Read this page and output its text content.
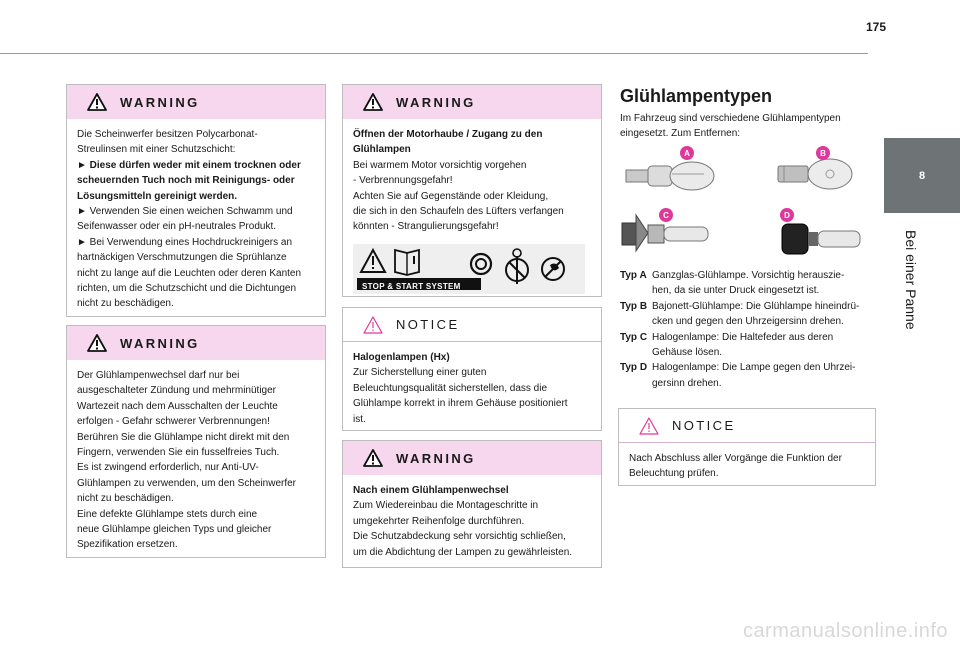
175
8
Bei einer Panne
WARNING
Die Scheinwerfer besitzen Polycarbonat-
Streulinsen mit einer Schutzschicht:
► Diese dürfen weder mit einem trocknen oder
scheuernden Tuch noch mit Reinigungs- oder
Lösungsmitteln gereinigt werden.
► Verwenden Sie einen weichen Schwamm und
Seifenwasser oder ein pH-neutrales Produkt.
► Bei Verwendung eines Hochdruckreinigers an
hartnäckigen Verschmutzungen die Sprühlanze
nicht zu lange auf die Leuchten oder deren Kanten
richten, um die Schutzschicht und die Dichtungen
nicht zu beschädigen.
WARNING
Der Glühlampenwechsel darf nur bei
ausgeschalteter Zündung und mehrminütiger
Wartezeit nach dem Ausschalten der Leuchte
erfolgen - Gefahr schwerer Verbrennungen!
Berühren Sie die Glühlampe nicht direkt mit den
Fingern, verwenden Sie ein fusselfreies Tuch.
Es ist zwingend erforderlich, nur Anti-UV-
Glühlampen zu verwenden, um den Scheinwerfer
nicht zu beschädigen.
Eine defekte Glühlampe stets durch eine
neue Glühlampe gleichen Typs und gleicher
Spezifikation ersetzen.
WARNING
Öffnen der Motorhaube / Zugang zu den
Glühlampen
Bei warmem Motor vorsichtig vorgehen
- Verbrennungsgefahr!
Achten Sie auf Gegenstände oder Kleidung,
die sich in den Schaufeln des Lüfters verfangen
könnten - Strangulierungsgefahr!
STOP & START SYSTEM
NOTICE
Halogenlampen (Hx)
Zur Sicherstellung einer guten
Beleuchtungsqualität sicherstellen, dass die
Glühlampe korrekt in ihrem Gehäuse positioniert
ist.
WARNING
Nach einem Glühlampenwechsel
Zum Wiedereinbau die Montageschritte in
umgekehrter Reihenfolge durchführen.
Die Schutzabdeckung sehr vorsichtig schließen,
um die Abdichtung der Lampen zu gewährleisten.
Glühlampentypen
Im Fahrzeug sind verschiedene Glühlampentypen
eingesetzt. Zum Entfernen:
A	B
C	D
Typ A Ganzglas-Glühlampe. Vorsichtig herauszie-
hen, da sie unter Druck eingesetzt ist.
Typ B Bajonett-Glühlampe: Die Glühlampe hineindrü-
cken und gegen den Uhrzeigersinn drehen.
Typ C Halogenlampe: Die Haltefeder aus deren
Gehäuse lösen.
Typ D Halogenlampe: Die Lampe gegen den Uhrzei-
gersinn drehen.
NOTICE
Nach Abschluss aller Vorgänge die Funktion der
Beleuchtung prüfen.
carmanualsonline.info
